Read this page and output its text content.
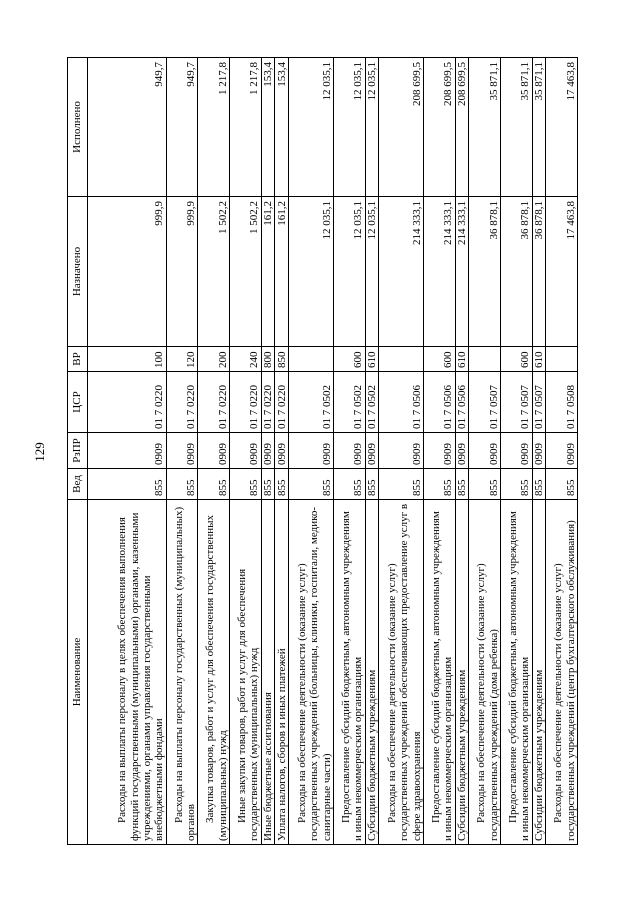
129
Наименование	Вед	РзПР	ЦСР	ВР	Назначено	Исполнено
Расходы на выплаты персоналу в целях обеспечения выполнения функций государственными (муниципальными) органами, казенными учреждениями, органами управления государственными внебюджетными фондами	855	0909	01 7 0220	100	999,9	949,7
Расходы на выплаты персоналу государственных (муниципальных) органов	855	0909	01 7 0220	120	999,9	949,7
Закупка товаров, работ и услуг для обеспечения государственных (муниципальных) нужд	855	0909	01 7 0220	200	1 502,2	1 217,8
Иные закупки товаров, работ и услуг для обеспечения государственных (муниципальных) нужд	855	0909	01 7 0220	240	1 502,2	1 217,8
Иные бюджетные ассигнования	855	0909	01 7 0220	800	161,2	153,4
Уплата налогов, сборов и иных платежей	855	0909	01 7 0220	850	161,2	153,4
Расходы на обеспечение деятельности (оказание услуг) государственных учреждений (больницы, клиники, госпитали, медико-санитарные части)	855	0909	01 7 0502		12 035,1	12 035,1
Предоставление субсидий бюджетным, автономным учреждениям и иным некоммерческим организациям	855	0909	01 7 0502	600	12 035,1	12 035,1
Субсидии бюджетным учреждениям	855	0909	01 7 0502	610	12 035,1	12 035,1
Расходы на обеспечение деятельности (оказание услуг) государственных учреждений обеспечивающих предоставление услуг в сфере здравоохранения	855	0909	01 7 0506		214 333,1	208 699,5
Предоставление субсидий бюджетным, автономным учреждениям и иным некоммерческим организациям	855	0909	01 7 0506	600	214 333,1	208 699,5
Субсидии бюджетным учреждениям	855	0909	01 7 0506	610	214 333,1	208 699,5
Расходы на обеспечение деятельности (оказание услуг) государственных учреждений (дома ребенка)	855	0909	01 7 0507		36 878,1	35 871,1
Предоставление субсидий бюджетным, автономным учреждениям и иным некоммерческим организациям	855	0909	01 7 0507	600	36 878,1	35 871,1
Субсидии бюджетным учреждениям	855	0909	01 7 0507	610	36 878,1	35 871,1
Расходы на обеспечение деятельности (оказание услуг) государственных учреждений (центр бухгалтерского обслуживания)	855	0909	01 7 0508		17 463,8	17 463,8
